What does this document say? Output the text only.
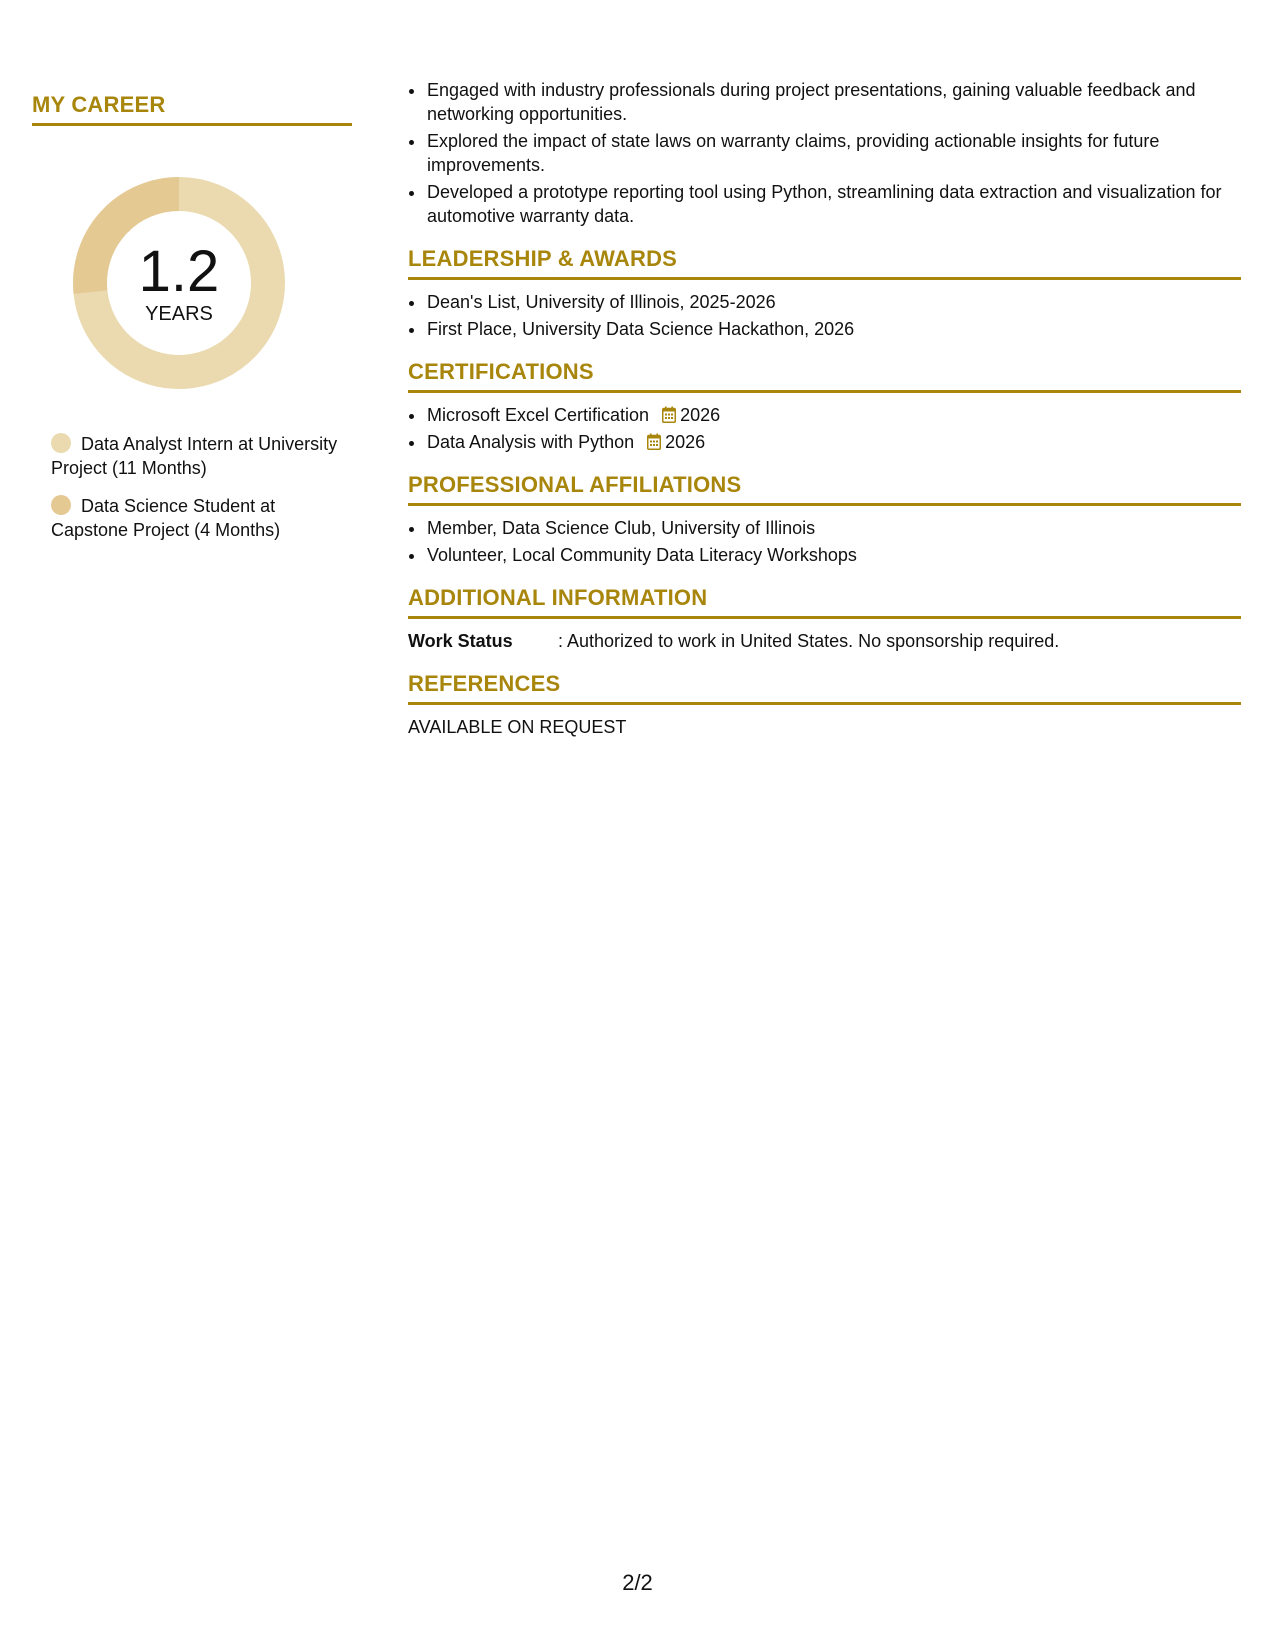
MY CAREER
1.2
YEARS
Data Analyst Intern at University Project (11 Months)
Data Science Student at Capstone Project (4 Months)
• Engaged with industry professionals during project presentations, gaining valuable feedback and networking opportunities.
• Explored the impact of state laws on warranty claims, providing actionable insights for future improvements.
• Developed a prototype reporting tool using Python, streamlining data extraction and visualization for automotive warranty data.
LEADERSHIP & AWARDS
• Dean's List, University of Illinois, 2025-2026
• First Place, University Data Science Hackathon, 2026
CERTIFICATIONS
• Microsoft Excel Certification 2026
• Data Analysis with Python 2026
PROFESSIONAL AFFILIATIONS
• Member, Data Science Club, University of Illinois
• Volunteer, Local Community Data Literacy Workshops
ADDITIONAL INFORMATION
Work Status	: Authorized to work in United States. No sponsorship required.
REFERENCES
AVAILABLE ON REQUEST
2/2
